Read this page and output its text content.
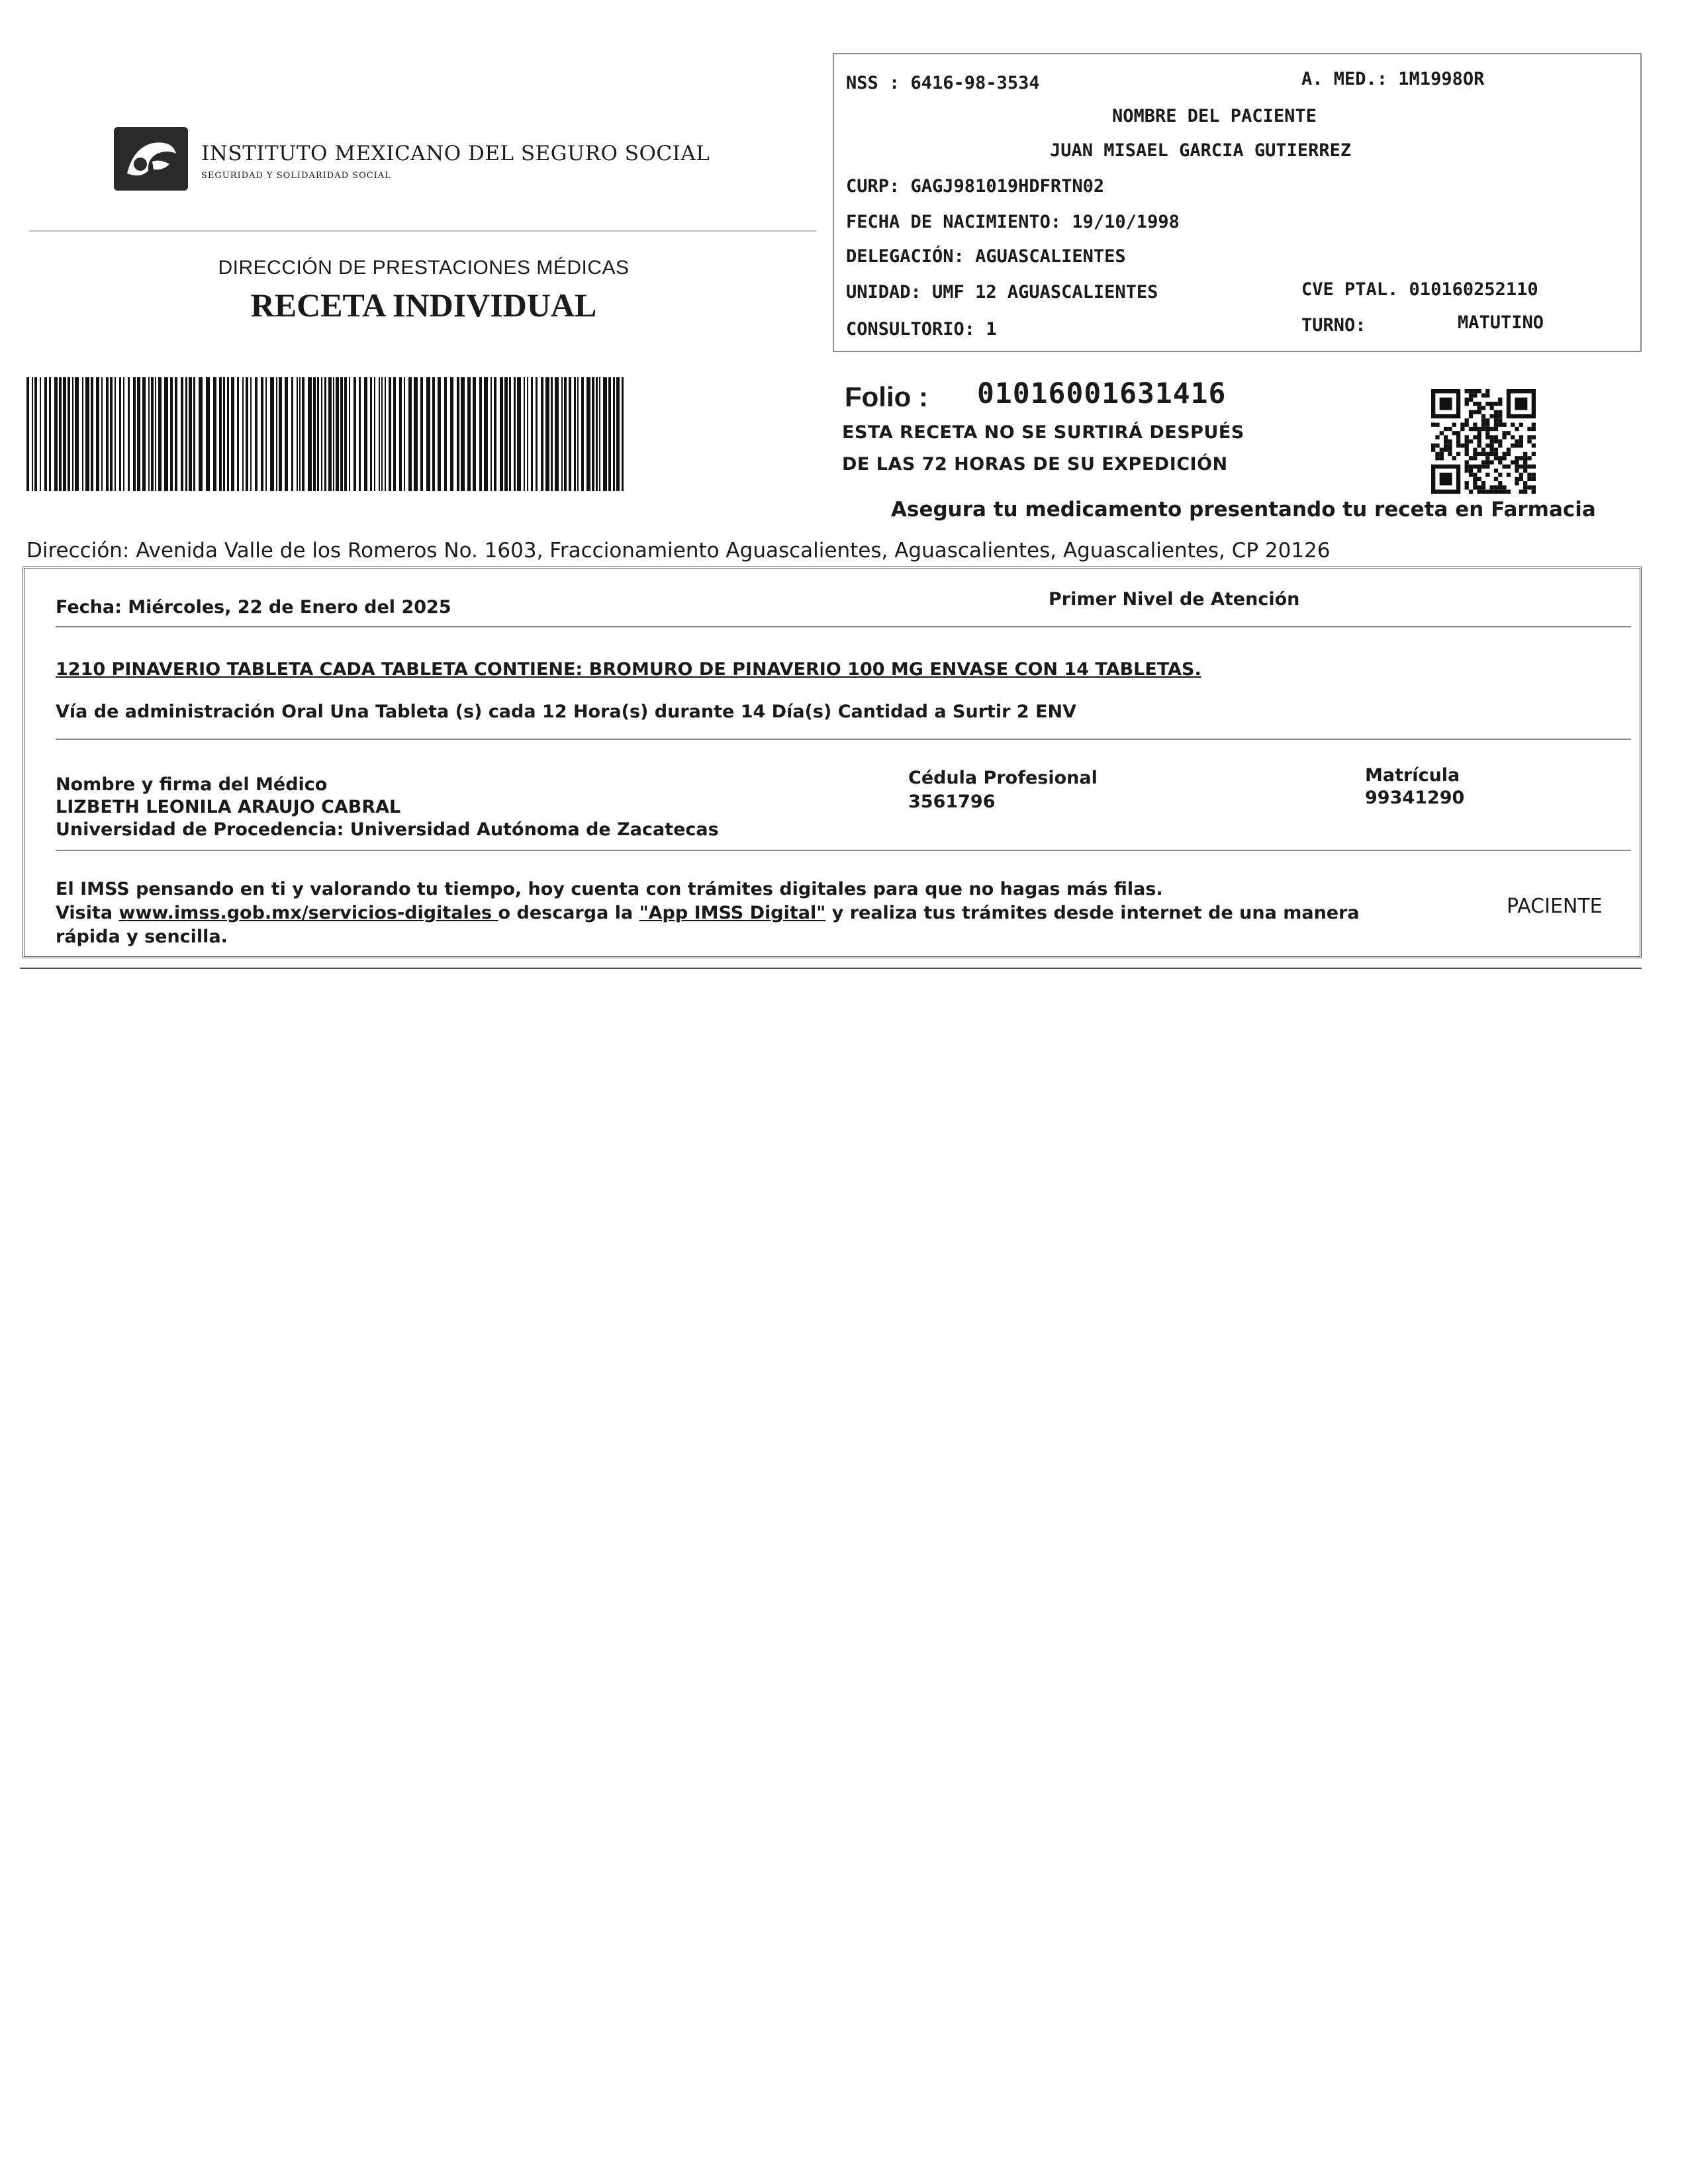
INSTITUTO MEXICANO DEL SEGURO SOCIAL
SEGURIDAD Y SOLIDARIDAD SOCIAL
DIRECCIÓN DE PRESTACIONES MÉDICAS
RECETA INDIVIDUAL
NSS : 6416-98-3534	A. MED.: 1M1998OR
NOMBRE DEL PACIENTE
JUAN MISAEL GARCIA GUTIERREZ
CURP: GAGJ981019HDFRTN02
FECHA DE NACIMIENTO: 19/10/1998
DELEGACIÓN: AGUASCALIENTES
UNIDAD: UMF 12 AGUASCALIENTES	CVE PTAL. 010160252110
CONSULTORIO: 1	TURNO:	MATUTINO
Folio : 01016001631416
ESTA RECETA NO SE SURTIRÁ DESPUÉS
DE LAS 72 HORAS DE SU EXPEDICIÓN
Asegura tu medicamento presentando tu receta en Farmacia
Dirección: Avenida Valle de los Romeros No. 1603, Fraccionamiento Aguascalientes, Aguascalientes, Aguascalientes, CP 20126
Fecha: Miércoles, 22 de Enero del 2025	Primer Nivel de Atención
1210 PINAVERIO TABLETA CADA TABLETA CONTIENE: BROMURO DE PINAVERIO 100 MG ENVASE CON 14 TABLETAS.
Vía de administración Oral Una Tableta (s) cada 12 Hora(s) durante 14 Día(s) Cantidad a Surtir 2 ENV
Nombre y firma del Médico
LIZBETH LEONILA ARAUJO CABRAL
Universidad de Procedencia: Universidad Autónoma de Zacatecas
Cédula Profesional
3561796
Matrícula
99341290
El IMSS pensando en ti y valorando tu tiempo, hoy cuenta con trámites digitales para que no hagas más filas.
Visita www.imss.gob.mx/servicios-digitales o descarga la "App IMSS Digital" y realiza tus trámites desde internet de una manera
rápida y sencilla.
PACIENTE
